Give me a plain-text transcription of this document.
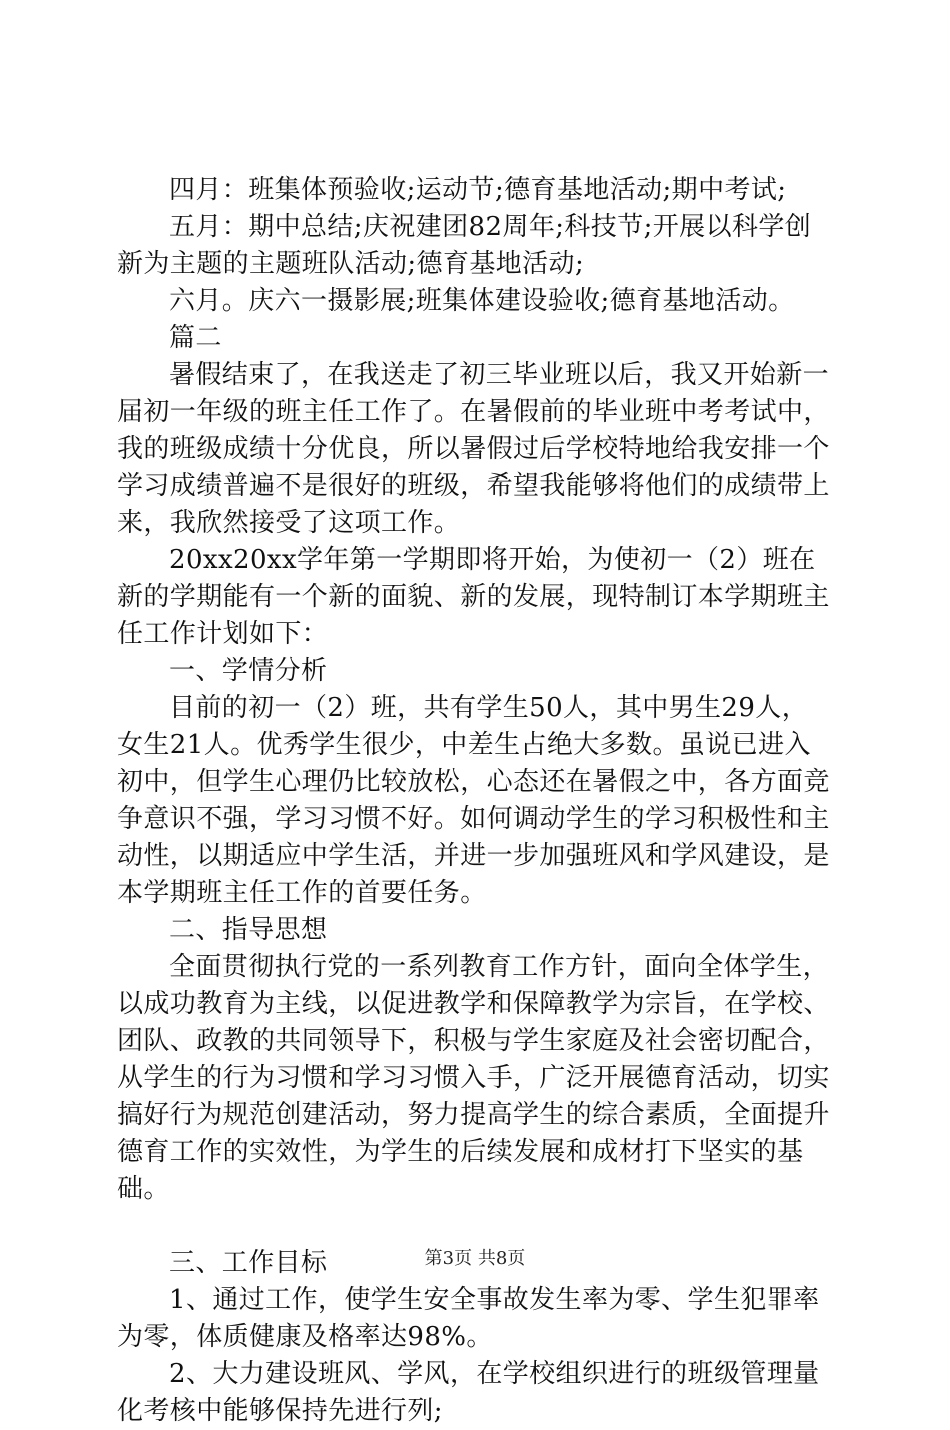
四月：班集体预验收;运动节;德育基地活动;期中考试;

五月：期中总结;庆祝建团82周年;科技节;开展以科学创新为主题的主题班队活动;德育基地活动;

六月。庆六一摄影展;班集体建设验收;德育基地活动。

篇二

暑假结束了，在我送走了初三毕业班以后，我又开始新一届初一年级的班主任工作了。在暑假前的毕业班中考考试中，我的班级成绩十分优良，所以暑假过后学校特地给我安排一个学习成绩普遍不是很好的班级，希望我能够将他们的成绩带上来，我欣然接受了这项工作。

20xx20xx学年第一学期即将开始，为使初一（2）班在新的学期能有一个新的面貌、新的发展，现特制订本学期班主任工作计划如下：

一、学情分析

目前的初一（2）班，共有学生50人，其中男生29人，女生21人。优秀学生很少，中差生占绝大多数。虽说已进入初中，但学生心理仍比较放松，心态还在暑假之中，各方面竞争意识不强，学习习惯不好。如何调动学生的学习积极性和主动性，以期适应中学生活，并进一步加强班风和学风建设，是本学期班主任工作的首要任务。

二、指导思想

全面贯彻执行党的一系列教育工作方针，面向全体学生，以成功教育为主线，以促进教学和保障教学为宗旨，在学校、团队、政教的共同领导下，积极与学生家庭及社会密切配合，从学生的行为习惯和学习习惯入手，广泛开展德育活动，切实搞好行为规范创建活动，努力提高学生的综合素质，全面提升德育工作的实效性，为学生的后续发展和成材打下坚实的基础。

三、工作目标

1、通过工作，使学生安全事故发生率为零、学生犯罪率为零，体质健康及格率达98%。

2、大力建设班风、学风，在学校组织进行的班级管理量化考核中能够保持先进行列;

第3页 共8页
